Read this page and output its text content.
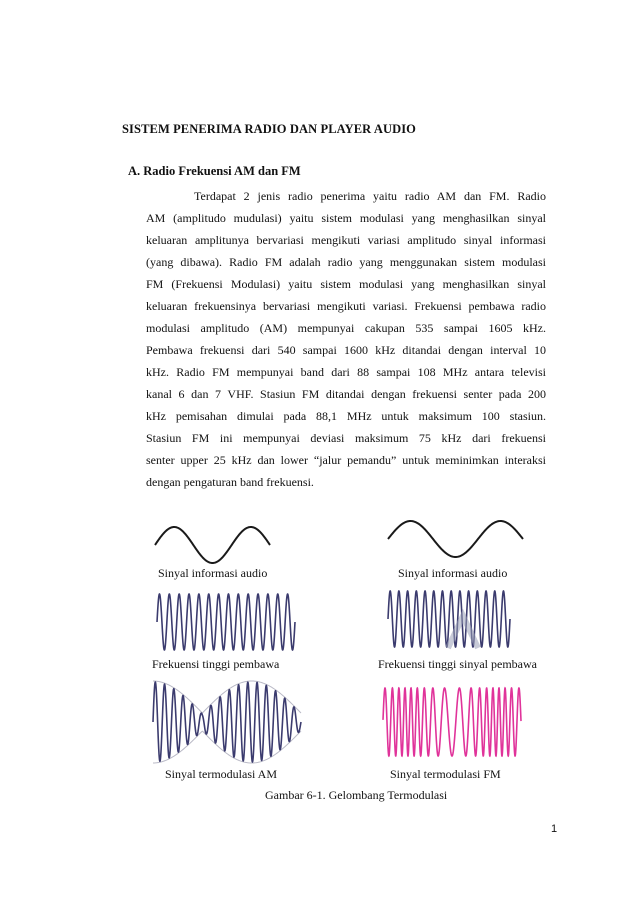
SISTEM PENERIMA RADIO DAN PLAYER AUDIO
A. Radio Frekuensi AM dan FM

Terdapat 2 jenis radio penerima yaitu radio AM dan FM. Radio
AM (amplitudo mudulasi) yaitu sistem modulasi yang menghasilkan sinyal
keluaran amplitunya bervariasi mengikuti variasi amplitudo sinyal informasi
(yang dibawa). Radio FM adalah radio yang menggunakan sistem modulasi
FM (Frekuensi Modulasi) yaitu sistem modulasi yang menghasilkan sinyal
keluaran frekuensinya bervariasi mengikuti variasi. Frekuensi pembawa radio
modulasi amplitudo (AM) mempunyai cakupan 535 sampai 1605 kHz.
Pembawa frekuensi dari 540 sampai 1600 kHz ditandai dengan interval 10
kHz. Radio FM mempunyai band dari 88 sampai 108 MHz antara televisi
kanal 6 dan 7 VHF. Stasiun FM ditandai dengan frekuensi senter pada 200
kHz pemisahan dimulai pada 88,1 MHz untuk maksimum 100 stasiun.
Stasiun FM ini mempunyai deviasi maksimum 75 kHz dari frekuensi
senter upper 25 kHz dan lower “jalur pemandu” untuk meminimkan interaksi
dengan pengaturan band frekuensi.

Sinyal informasi audio	Sinyal informasi audio
Frekuensi tinggi pembawa	Frekuensi tinggi sinyal pembawa
Sinyal termodulasi AM	Sinyal termodulasi FM
Gambar 6-1. Gelombang Termodulasi
1
